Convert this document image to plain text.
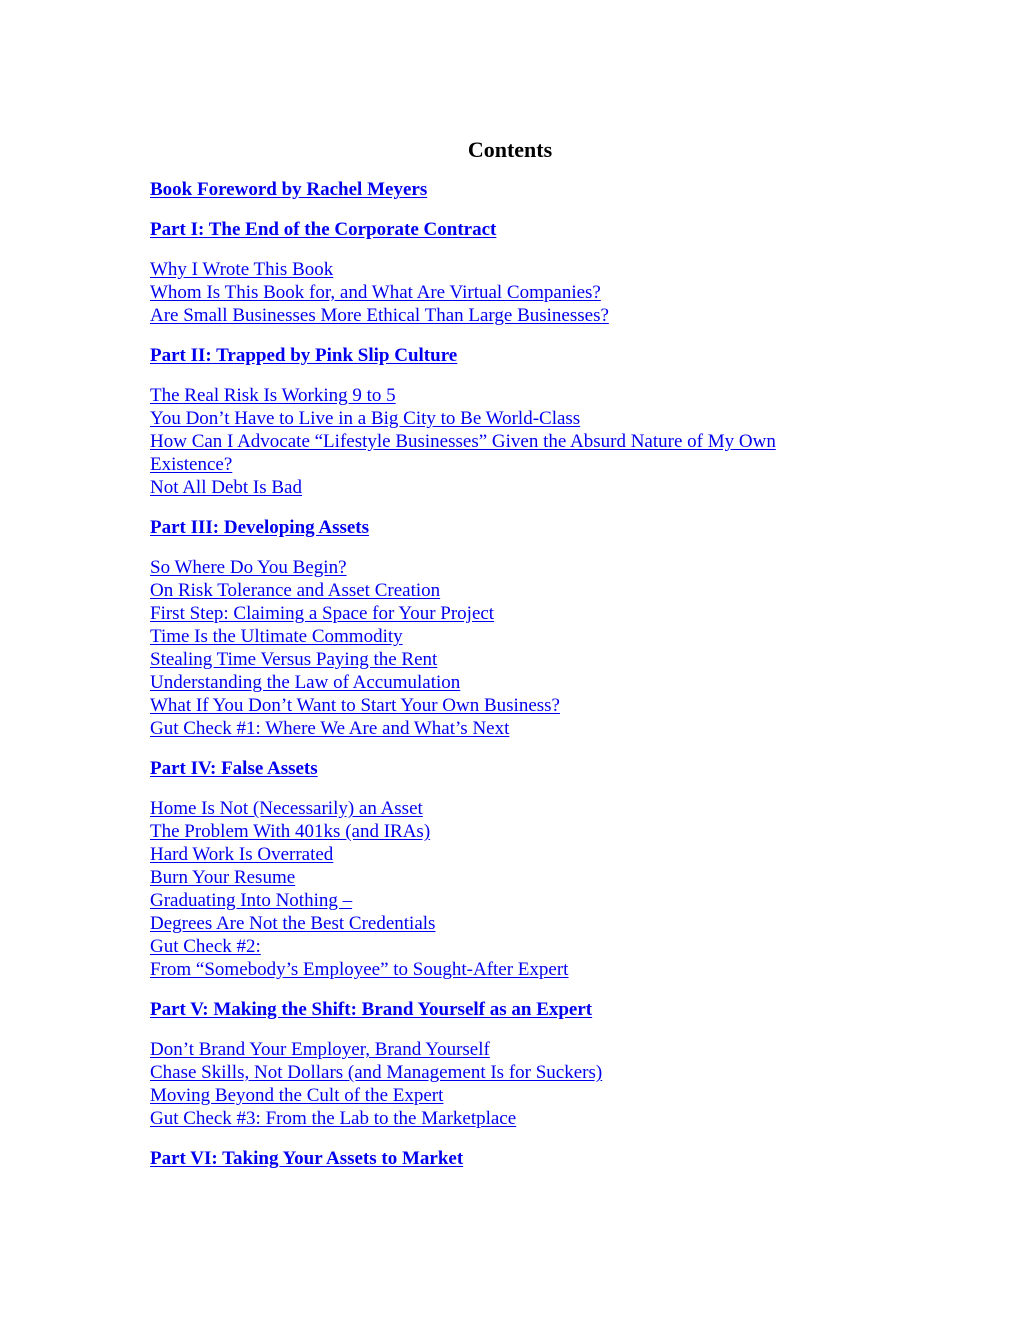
Contents
Book Foreword by Rachel Meyers
Part I: The End of the Corporate Contract
Why I Wrote This Book
Whom Is This Book for, and What Are Virtual Companies?
Are Small Businesses More Ethical Than Large Businesses?
Part II: Trapped by Pink Slip Culture
The Real Risk Is Working 9 to 5
You Don’t Have to Live in a Big City to Be World-Class
How Can I Advocate “Lifestyle Businesses” Given the Absurd Nature of My Own
Existence?
Not All Debt Is Bad
Part III: Developing Assets
So Where Do You Begin?
On Risk Tolerance and Asset Creation
First Step: Claiming a Space for Your Project
Time Is the Ultimate Commodity
Stealing Time Versus Paying the Rent
Understanding the Law of Accumulation
What If You Don’t Want to Start Your Own Business?
Gut Check #1: Where We Are and What’s Next
Part IV: False Assets
Home Is Not (Necessarily) an Asset
The Problem With 401ks (and IRAs)
Hard Work Is Overrated
Burn Your Resume
Graduating Into Nothing –
Degrees Are Not the Best Credentials
Gut Check #2:
From “Somebody’s Employee” to Sought-After Expert
Part V: Making the Shift: Brand Yourself as an Expert
Don’t Brand Your Employer, Brand Yourself
Chase Skills, Not Dollars (and Management Is for Suckers)
Moving Beyond the Cult of the Expert
Gut Check #3: From the Lab to the Marketplace
Part VI: Taking Your Assets to Market
